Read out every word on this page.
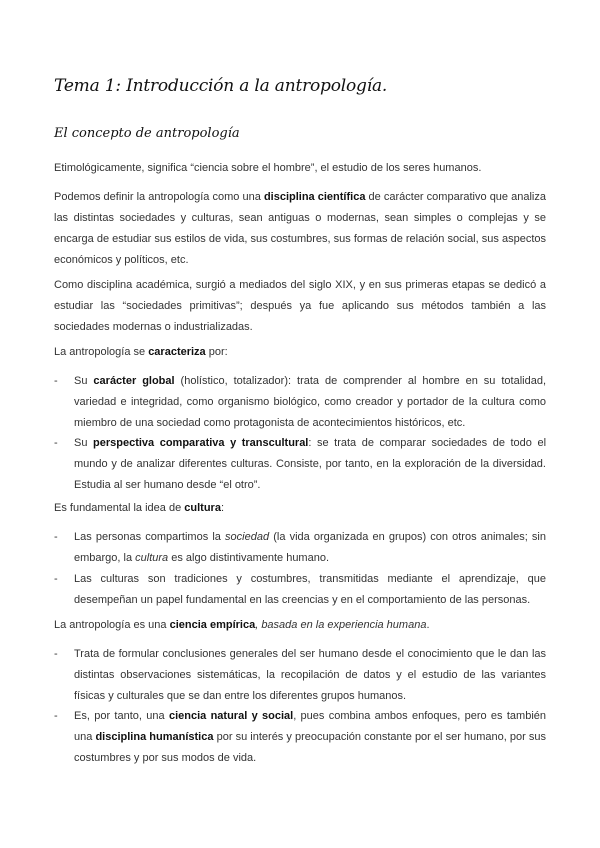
Tema 1: Introducción a la antropología.
El concepto de antropología

Etimológicamente, significa “ciencia sobre el hombre”, el estudio de los seres humanos.

Podemos definir la antropología como una disciplina científica de carácter comparativo que analiza las distintas sociedades y culturas, sean antiguas o modernas, sean simples o complejas y se encarga de estudiar sus estilos de vida, sus costumbres, sus formas de relación social, sus aspectos económicos y políticos, etc.

Como disciplina académica, surgió a mediados del siglo XIX, y en sus primeras etapas se dedicó a estudiar las “sociedades primitivas”; después ya fue aplicando sus métodos también a las sociedades modernas o industrializadas.

La antropología se caracteriza por:

- Su carácter global (holístico, totalizador): trata de comprender al hombre en su totalidad, variedad e integridad, como organismo biológico, como creador y portador de la cultura como miembro de una sociedad como protagonista de acontecimientos históricos, etc.
- Su perspectiva comparativa y transcultural: se trata de comparar sociedades de todo el mundo y de analizar diferentes culturas. Consiste, por tanto, en la exploración de la diversidad. Estudia al ser humano desde “el otro”.

Es fundamental la idea de cultura:

- Las personas compartimos la sociedad (la vida organizada en grupos) con otros animales; sin embargo, la cultura es algo distintivamente humano.
- Las culturas son tradiciones y costumbres, transmitidas mediante el aprendizaje, que desempeñan un papel fundamental en las creencias y en el comportamiento de las personas.

La antropología es una ciencia empírica, basada en la experiencia humana.

- Trata de formular conclusiones generales del ser humano desde el conocimiento que le dan las distintas observaciones sistemáticas, la recopilación de datos y el estudio de las variantes físicas y culturales que se dan entre los diferentes grupos humanos.
- Es, por tanto, una ciencia natural y social, pues combina ambos enfoques, pero es también una disciplina humanística por su interés y preocupación constante por el ser humano, por sus costumbres y por sus modos de vida.
